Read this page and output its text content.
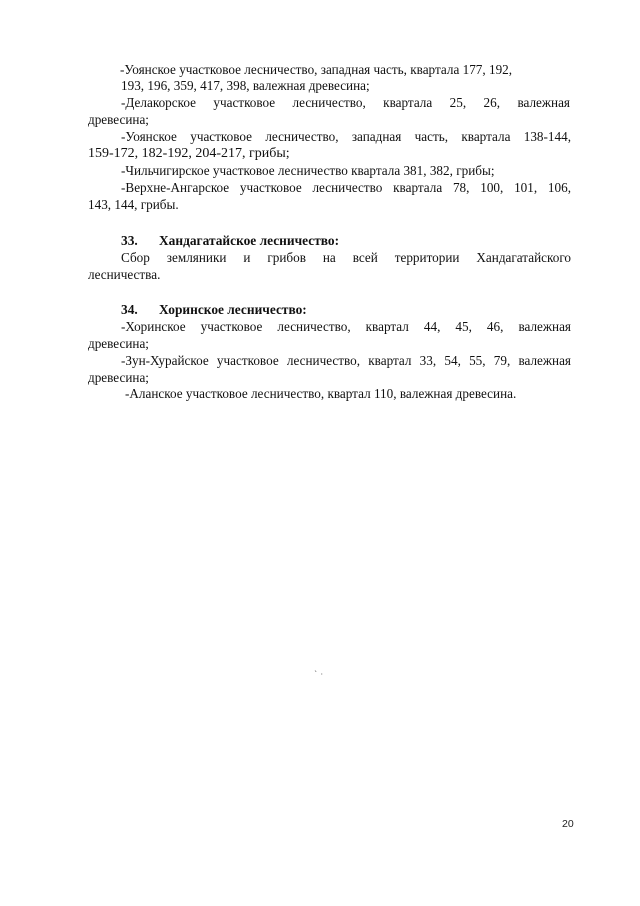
-Уоянское участковое лесничество, западная часть, квартала 177, 192,
193, 196, 359, 417, 398, валежная древесина;
-Делакорское участковое лесничество, квартала 25, 26, валежная
древесина;
-Уоянское участковое лесничество, западная часть, квартала 138-144,
159-172, 182-192, 204-217, грибы;
-Чильчигирское участковое лесничество квартала 381, 382, грибы;
-Верхне-Ангарское участковое лесничество квартала 78, 100, 101, 106,
143, 144, грибы.
33. Хандагатайское лесничество:
Сбор земляники и грибов на всей территории Хандагатайского
лесничества.
34. Хоринское лесничество:
-Хоринское участковое лесничество, квартал 44, 45, 46, валежная
древесина;
-Зун-Хурайское участковое лесничество, квартал 33, 54, 55, 79, валежная
древесина;
-Аланское участковое лесничество, квартал 110, валежная древесина.
` ·
20
